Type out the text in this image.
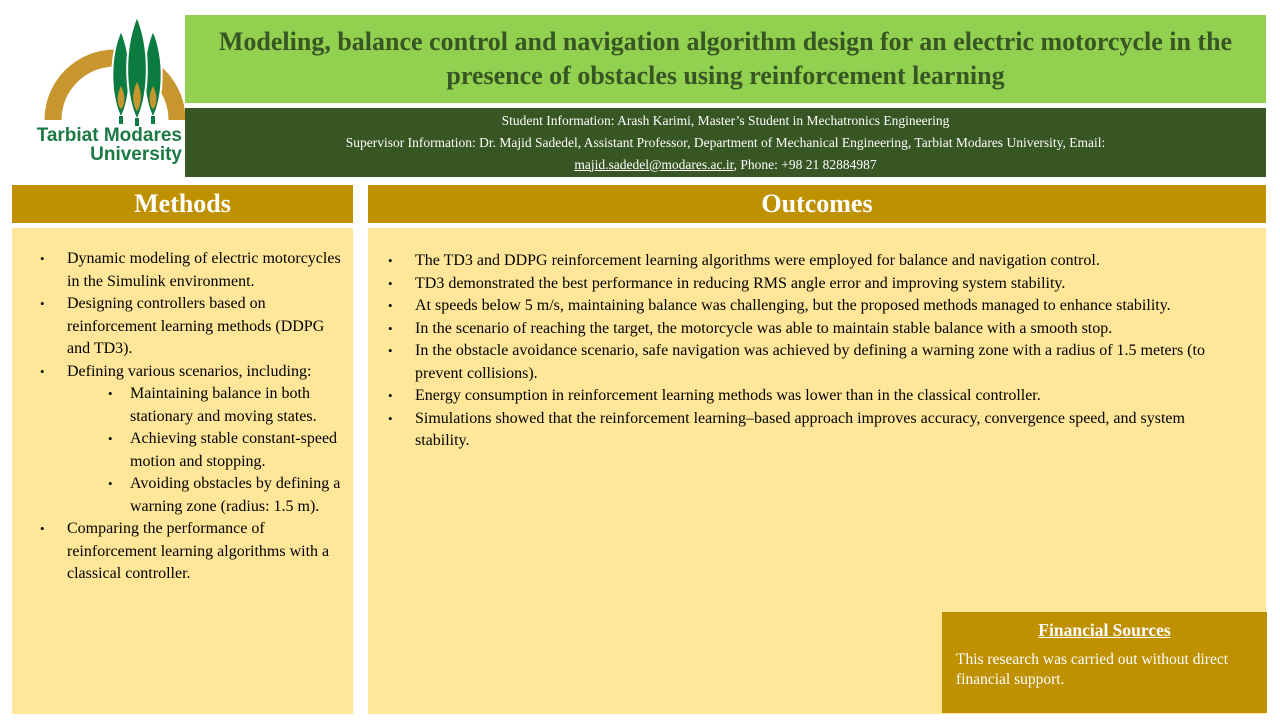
Tarbiat Modares
University
Modeling, balance control and navigation algorithm design for an electric motorcycle in the presence of obstacles using reinforcement learning
Student Information: Arash Karimi, Master’s Student in Mechatronics Engineering
Supervisor Information: Dr. Majid Sadedel, Assistant Professor, Department of Mechanical Engineering, Tarbiat Modares University, Email:
majid.sadedel@modares.ac.ir, Phone: +98 21 82884987
Methods
•	Dynamic modeling of electric motorcycles in the Simulink environment.
•	Designing controllers based on reinforcement learning methods (DDPG and TD3).
•	Defining various scenarios, including:
•	Maintaining balance in both stationary and moving states.
•	Achieving stable constant-speed motion and stopping.
•	Avoiding obstacles by defining a warning zone (radius: 1.5 m).
•	Comparing the performance of reinforcement learning algorithms with a classical controller.
Outcomes
•	The TD3 and DDPG reinforcement learning algorithms were employed for balance and navigation control.
•	TD3 demonstrated the best performance in reducing RMS angle error and improving system stability.
•	At speeds below 5 m/s, maintaining balance was challenging, but the proposed methods managed to enhance stability.
•	In the scenario of reaching the target, the motorcycle was able to maintain stable balance with a smooth stop.
•	In the obstacle avoidance scenario, safe navigation was achieved by defining a warning zone with a radius of 1.5 meters (to prevent collisions).
•	Energy consumption in reinforcement learning methods was lower than in the classical controller.
•	Simulations showed that the reinforcement learning–based approach improves accuracy, convergence speed, and system stability.
Financial Sources
This research was carried out without direct financial support.
